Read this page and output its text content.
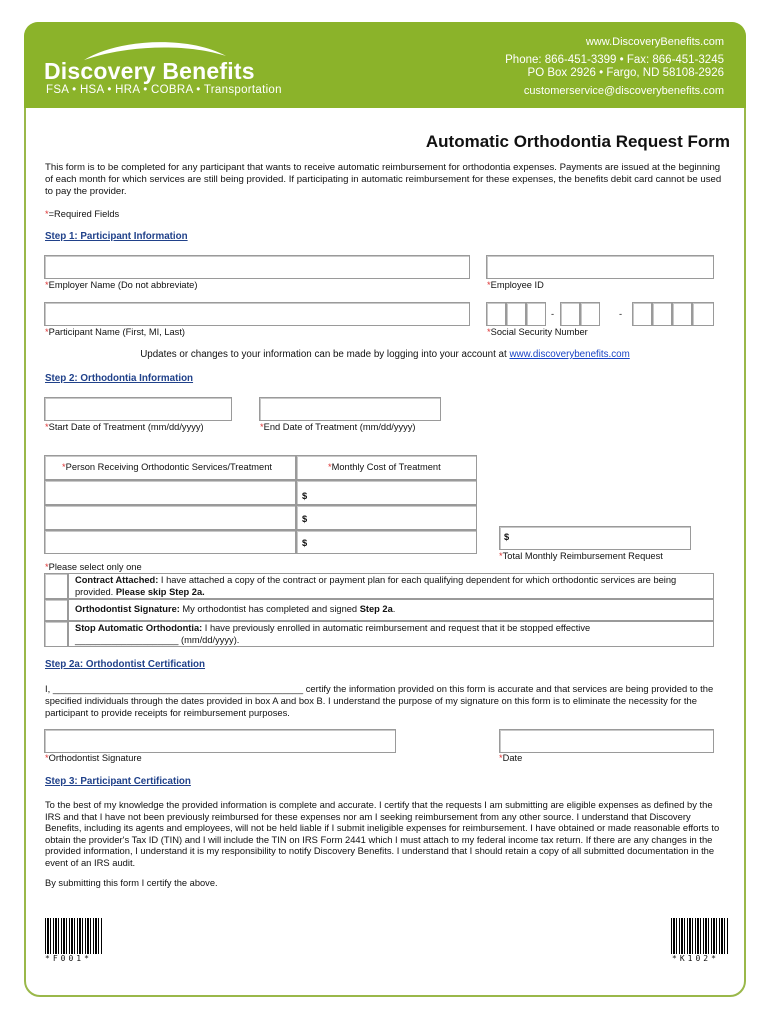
Discovery Benefits
FSA • HSA • HRA • COBRA • Transportation
www.DiscoveryBenefits.com
Phone: 866-451-3399 • Fax: 866-451-3245
PO Box 2926 • Fargo, ND 58108-2926
customerservice@discoverybenefits.com
Automatic Orthodontia Request Form
This form is to be completed for any participant that wants to receive automatic reimbursement for orthodontia expenses. Payments are issued at the beginning of each month for which services are still being provided. If participating in automatic reimbursement for these expenses, the benefits debit card cannot be used to pay the provider.
*=Required Fields
Step 1: Participant Information
*Employer Name (Do not abbreviate)	*Employee ID
-	-
*Participant Name (First, MI, Last)	*Social Security Number
Updates or changes to your information can be made by logging into your account at www.discoverybenefits.com
Step 2: Orthodontia Information
*Start Date of Treatment (mm/dd/yyyy)	*End Date of Treatment (mm/dd/yyyy)
*Person Receiving Orthodontic Services/Treatment	*Monthly Cost of Treatment
$
$
$
$
*Total Monthly Reimbursement Request
*Please select only one
Contract Attached: I have attached a copy of the contract or payment plan for each qualifying dependent for which orthodontic services are being provided. Please skip Step 2a.
Orthodontist Signature: My orthodontist has completed and signed Step 2a.
Stop Automatic Orthodontia: I have previously enrolled in automatic reimbursement and request that it be stopped effective
____________________ (mm/dd/yyyy).
Step 2a: Orthodontist Certification
I, ________________________________________________ certify the information provided on this form is accurate and that services are being provided to the specified individuals through the dates provided in box A and box B. I understand the purpose of my signature on this form is to eliminate the necessity for the participant to provide receipts for reimbursement purposes.
*Orthodontist Signature	*Date
Step 3: Participant Certification
To the best of my knowledge the provided information is complete and accurate. I certify that the requests I am submitting are eligible expenses as defined by the IRS and that I have not been previously reimbursed for these expenses nor am I seeking reimbursement from any other source. I understand that Discovery Benefits, including its agents and employees, will not be held liable if I submit ineligible expenses for reimbursement. I have obtained or made reasonable efforts to obtain the provider's Tax ID (TIN) and I will include the TIN on IRS Form 2441 which I must attach to my federal income tax return. If there are any changes in the provided information, I understand it is my responsibility to notify Discovery Benefits. I understand that I should retain a copy of all submitted documentation in the event of an IRS audit.
By submitting this form I certify the above.
*F001*	*K102*
